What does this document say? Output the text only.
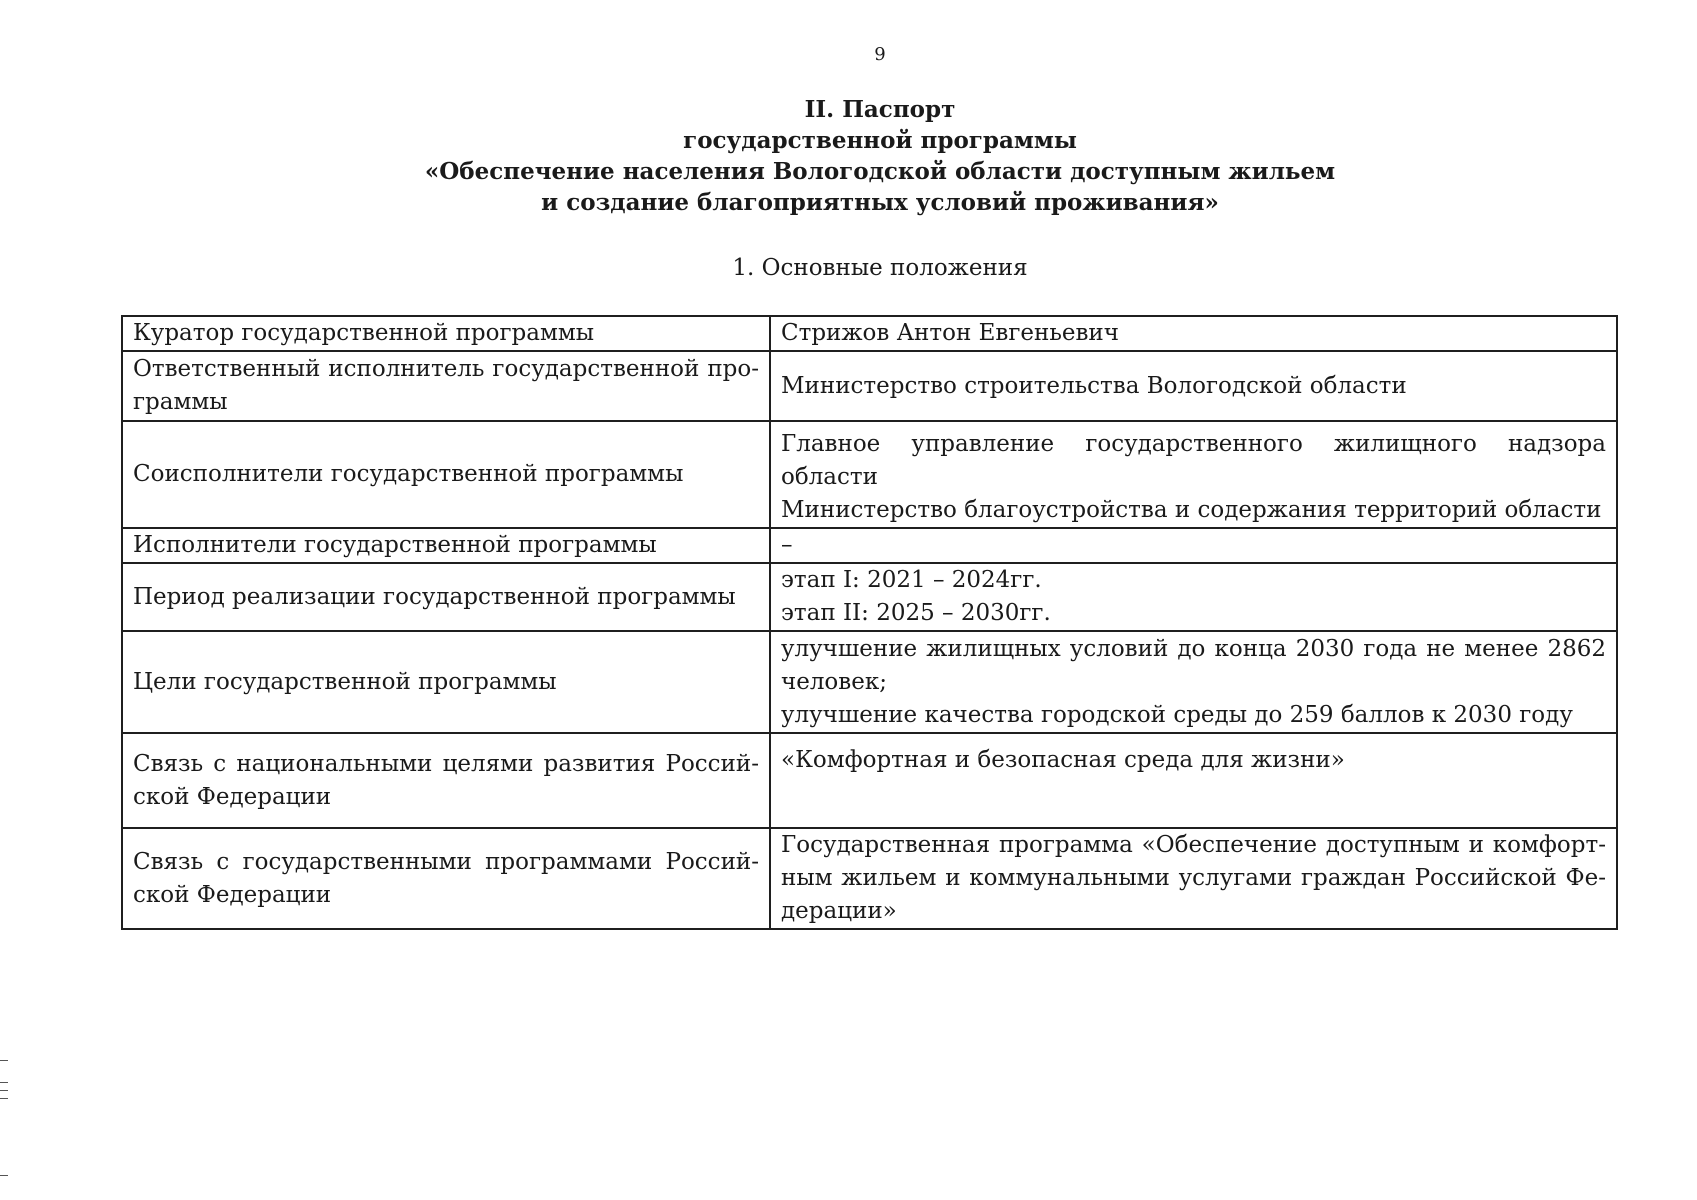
9
II. Паспорт
государственной программы
«Обеспечение населения Вологодской области доступным жильем
и создание благоприятных условий проживания»
1. Основные положения
Куратор государственной программы	Стрижов Антон Евгеньевич

Ответственный исполнитель государственной про-граммы	Министерство строительства Вологодской области

Соисполнители государственной программы	Главное управление государственного жилищного надзора области
Министерство благоустройства и содержания территорий области

Исполнители государственной программы	–

Период реализации государственной программы	этап I: 2021 – 2024гг.
этап II: 2025 – 2030гг.

Цели государственной программы	улучшение жилищных условий до конца 2030 года не менее 2862 человек;
улучшение качества городской среды до 259 баллов к 2030 году

Связь с национальными целями развития Россий-ской Федерации	«Комфортная и безопасная среда для жизни»

Связь с государственными программами Россий-ской Федерации	Государственная программа «Обеспечение доступным и комфорт-ным жильем и коммунальными услугами граждан Российской Фе-дерации»
